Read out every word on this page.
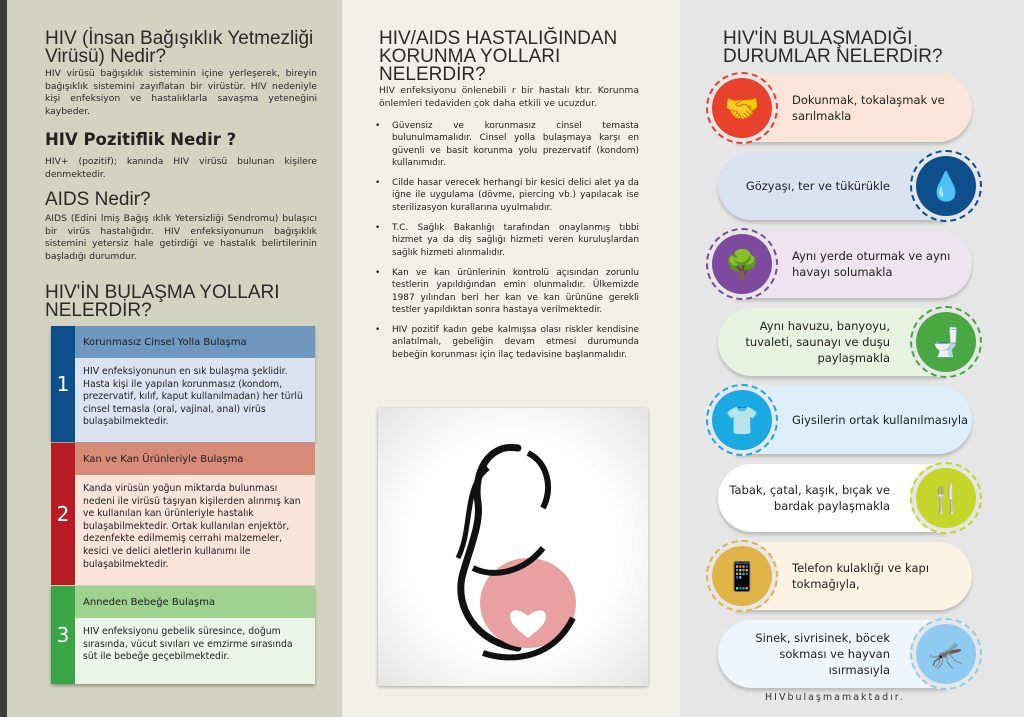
HIV (İnsan Bağışıklık Yetmezliği Virüsü) Nedir?
HIV virüsü bağışıklık sisteminin içine yerleşerek, bireyin bağışıklık sistemini zayıflatan bir virüstür. HIV nedeniyle kişi enfeksiyon ve hastalıklarla savaşma yeteneğini kaybeder.
HIV Pozitiflik Nedir ?
HIV+ (pozitif); kanında HIV virüsü bulunan kişilere denmektedir.
AIDS Nedir?
AIDS (Edini lmiş Bağış ıklık Yetersizliği Sendromu) bulaşıcı bir virüs hastalığıdır. HIV enfeksiyonunun bağışıklık sistemini yetersiz hale getirdiği ve hastalık belirtilerinin başladığı durumdur.
HIV'İN BULAŞMA YOLLARI NELERDİR?
1
Korunmasız Cinsel Yolla Bulaşma
HIV enfeksiyonunun en sık bulaşma şeklidir. Hasta kişi ile yapılan korunmasız (kondom, prezervatif, kılıf, kaput kullanılmadan) her türlü cinsel temasla (oral, vajinal, anal) virüs bulaşabilmektedir.
2
Kan ve Kan Ürünleriyle Bulaşma
Kanda virüsün yoğun miktarda bulunması nedeni ile virüsü taşıyan kişilerden alınmış kan ve kullanılan kan ürünleriyle hastalık bulaşabilmektedir. Ortak kullanılan enjektör, dezenfekte edilmemiş cerrahi malzemeler, kesici ve delici aletlerin kullanımı ile bulaşabilmektedir.
3
Anneden Bebeğe Bulaşma
HIV enfeksiyonu gebelik süresince, doğum sırasında, vücut sıvıları ve emzirme sırasında süt ile bebeğe geçebilmektedir.
HIV/AIDS HASTALIĞINDAN KORUNMA YOLLARI NELERDİR?
HIV enfeksiyonu önlenebili r bir hastalı ktır. Korunma önlemleri tedaviden çok daha etkili ve ucuzdur.
• Güvensiz ve korunmasız cinsel temasta bulunulmamalıdır. Cinsel yolla bulaşmaya karşı en güvenli ve basit korunma yolu prezervatif (kondom) kullanımıdır.
• Cilde hasar verecek herhangi bir kesici delici alet ya da iğne ile uygulama (dövme, piercing vb.) yapılacak ise sterilizasyon kurallarına uyulmalıdır.
• T.C. Sağlık Bakanlığı tarafından onaylanmış tıbbi hizmet ya da diş sağlığı hizmeti veren kuruluşlardan sağlık hizmeti alınmalıdır.
• Kan ve kan ürünlerinin kontrolü açısından zorunlu testlerin yapıldığından emin olunmalıdır. Ülkemizde 1987 yılından beri her kan ve kan ürününe gerekli testler yapıldıktan sonra hastaya verilmektedir.
• HIV pozitif kadın gebe kalmışsa olası riskler kendisine anlatılmalı, gebeliğin devam etmesi durumunda bebeğin korunması için ilaç tedavisine başlanmalıdır.
HIV'İN BULAŞMADIĞI DURUMLAR NELERDİR?
Dokunmak, tokalaşmak ve sarılmakla
🤝
Gözyaşı, ter ve tükürükle	💧
Aynı yerde oturmak ve aynı havayı solumakla
🌳
Aynı havuzu, banyoyu, tuvaleti, saunayı ve duşu paylaşmakla	🚽
Giysilerin ortak kullanılmasıyla
👕
Tabak, çatal, kaşık, bıçak ve bardak paylaşmakla	🍴
Telefon kulaklığı ve kapı tokmağıyla,
📱
Sinek, sivrisinek, böcek sokması ve hayvan ısırmasıyla	🦟
HIVbulaşmamaktadır.
